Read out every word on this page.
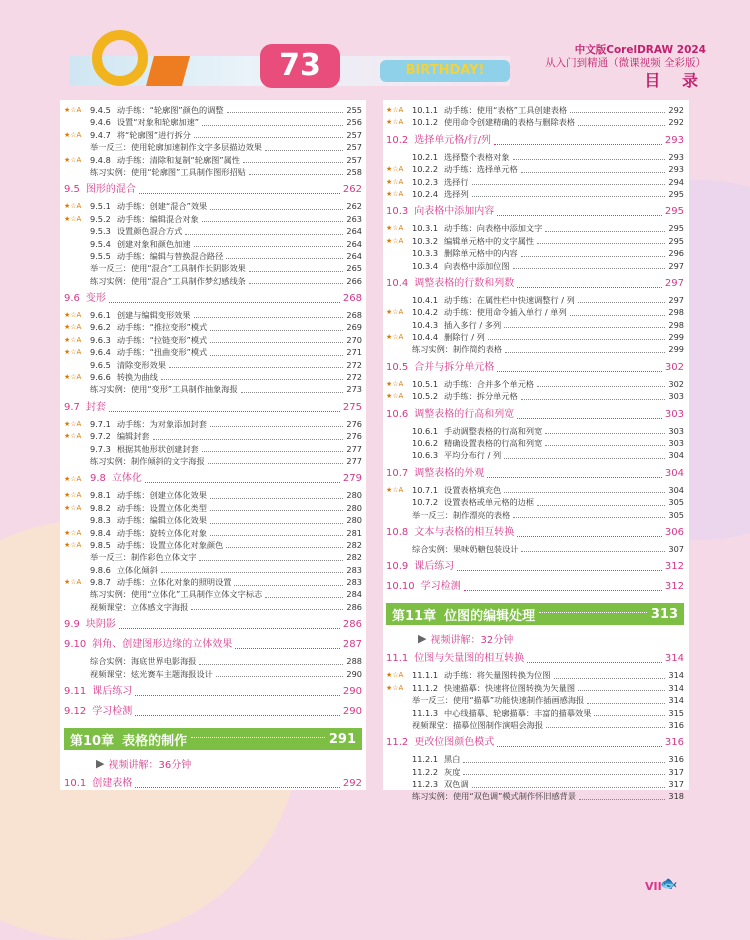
73	BIRTHDAY!
中文版CorelDRAW 2024
从入门到精通（微课视频 全彩版）
目 录
★☆A	9.4.5 动手练：“轮廓图”颜色的调整	255
9.4.6 设置“对象和轮廓加速”	256
★☆A	9.4.7 将“轮廓图”进行拆分	257
举一反三：使用轮廓加速制作文字多层描边效果	257
★☆A	9.4.8 动手练：清除和复制“轮廓图”属性	257
练习实例：使用“轮廓图”工具制作图形招贴	258
9.5 图形的混合	262
★☆A	9.5.1 动手练：创建“混合”效果	262
★☆A	9.5.2 动手练：编辑混合对象	263
9.5.3 设置颜色混合方式	264
9.5.4 创建对象和颜色加速	264
9.5.5 动手练：编辑与替换混合路径	264
举一反三：使用“混合”工具制作长阴影效果	265
练习实例：使用“混合”工具制作梦幻感线条	266
9.6 变形	268
★☆A	9.6.1 创建与编辑变形效果	268
★☆A	9.6.2 动手练：“推拉变形”模式	269
★☆A	9.6.3 动手练：“拉链变形”模式	270
★☆A	9.6.4 动手练：“扭曲变形”模式	271
9.6.5 清除变形效果	272
★☆A	9.6.6 转换为曲线	272
练习实例：使用“变形”工具制作抽象海报	273
9.7 封套	275
★☆A	9.7.1 动手练：为对象添加封套	276
★☆A	9.7.2 编辑封套	276
9.7.3 根据其他形状创建封套	277
练习实例：制作倾斜的文字海报	277
★☆A 9.8 立体化	279
★☆A	9.8.1 动手练：创建立体化效果	280
★☆A	9.8.2 动手练：设置立体化类型	280
9.8.3 动手练：编辑立体化效果	280
★☆A	9.8.4 动手练：旋转立体化对象	281
★☆A	9.8.5 动手练：设置立体化对象颜色	282
举一反三：制作彩色立体文字	282
9.8.6 立体化倾斜	283
★☆A	9.8.7 动手练：立体化对象的照明设置	283
练习实例：使用“立体化”工具制作立体文字标志	284
视频课堂：立体感文字海报	286
9.9 块阴影	286
9.10 斜角、创建图形边缘的立体效果	287
综合实例：海底世界电影海报	288
视频课堂：炫光赛车主题海报设计	290
9.11 课后练习	290
9.12 学习检测	290
第10章 表格的制作	291
▶ 视频讲解：36分钟
10.1 创建表格	292
★☆A	10.1.1 动手练：使用“表格”工具创建表格	292
★☆A	10.1.2 使用命令创建精确的表格与删除表格	292
10.2 选择单元格/行/列	293
10.2.1 选择整个表格对象	293
★☆A	10.2.2 动手练：选择单元格	293
★☆A	10.2.3 选择行	294
★☆A	10.2.4 选择列	295
10.3 向表格中添加内容	295
★☆A	10.3.1 动手练：向表格中添加文字	295
★☆A	10.3.2 编辑单元格中的文字属性	295
10.3.3 删除单元格中的内容	296
10.3.4 向表格中添加位图	297
10.4 调整表格的行数和列数	297
10.4.1 动手练：在属性栏中快速调整行 / 列	297
★☆A	10.4.2 动手练：使用命令插入单行 / 单列	298
10.4.3 插入多行 / 多列	298
★☆A	10.4.4 删除行 / 列	299
练习实例：制作简约表格	299
10.5 合并与拆分单元格	302
★☆A	10.5.1 动手练：合并多个单元格	302
★☆A	10.5.2 动手练：拆分单元格	303
10.6 调整表格的行高和列宽	303
10.6.1 手动调整表格的行高和列宽	303
10.6.2 精确设置表格的行高和列宽	303
10.6.3 平均分布行 / 列	304
10.7 调整表格的外观	304
★☆A	10.7.1 设置表格填充色	304
10.7.2 设置表格或单元格的边框	305
举一反三：制作漂亮的表格	305
10.8 文本与表格的相互转换	306
综合实例：果味奶糖包装设计	307
10.9 课后练习	312
10.10 学习检测	312
第11章 位图的编辑处理	313
▶ 视频讲解：32分钟
11.1 位图与矢量图的相互转换	314
★☆A	11.1.1 动手练：将矢量图转换为位图	314
★☆A	11.1.2 快速描摹：快速将位图转换为矢量图	314
举一反三：使用“描摹”功能快速制作插画感海报	314
11.1.3 中心线描摹、轮廓描摹：丰富的描摹效果	315
视频课堂：描摹位图制作演唱会海报	316
11.2 更改位图颜色模式	316
11.2.1 黑白	316
11.2.2 灰度	317
11.2.3 双色调	317
练习实例：使用“双色调”模式制作怀旧感背景	318
VII
🐟
